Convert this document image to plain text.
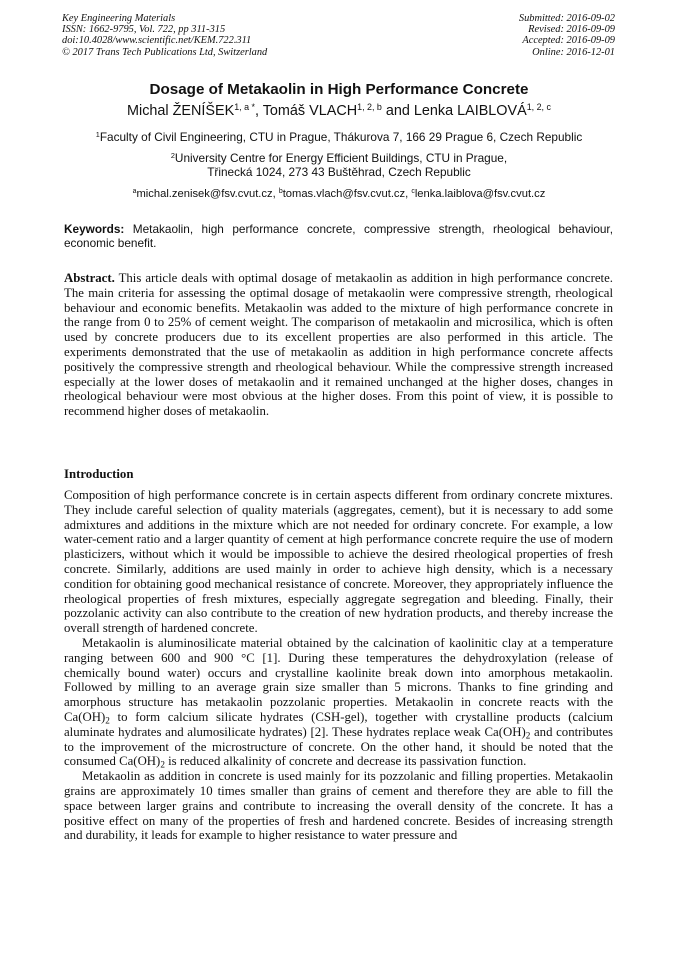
Key Engineering Materials
ISSN: 1662-9795, Vol. 722, pp 311-315
doi:10.4028/www.scientific.net/KEM.722.311
© 2017 Trans Tech Publications Ltd, Switzerland
Submitted: 2016-09-02
Revised: 2016-09-09
Accepted: 2016-09-09
Online: 2016-12-01
Dosage of Metakaolin in High Performance Concrete
Michal $ŽENÍŠEK^{1, a *}$, Tomáš VLACH$^{1, 2, b}$ and Lenka LAIBLOVÁ$^{1, 2, c}$
$^1$Faculty of Civil Engineering, CTU in Prague, Thákurova 7, 166 29 Prague 6, Czech Republic
$^2$University Centre for Energy Efficient Buildings, CTU in Prague,
Třinecká 1024, 273 43 Buštěhrad, Czech Republic
$^a$michal.zenisek@fsv.cvut.cz, $^b$tomas.vlach@fsv.cvut.cz, $^c$lenka.laiblova@fsv.cvut.cz
Keywords: Metakaolin, high performance concrete, compressive strength, rheological behaviour, economic benefit.
Abstract. This article deals with optimal dosage of metakaolin as addition in high performance concrete. The main criteria for assessing the optimal dosage of metakaolin were compressive strength, rheological behaviour and economic benefits. Metakaolin was added to the mixture of high performance concrete in the range from 0 to 25% of cement weight. The comparison of metakaolin and microsilica, which is often used by concrete producers due to its excellent properties are also performed in this article. The experiments demonstrated that the use of metakaolin as addition in high performance concrete affects positively the compressive strength and rheological behaviour. While the compressive strength increased especially at the lower doses of metakaolin and it remained unchanged at the higher doses, changes in rheological behaviour were most obvious at the higher doses. From this point of view, it is possible to recommend higher doses of metakaolin.
Introduction

Composition of high performance concrete is in certain aspects different from ordinary concrete mixtures. They include careful selection of quality materials (aggregates, cement), but it is necessary to add some admixtures and additions in the mixture which are not needed for ordinary concrete. For example, a low water-cement ratio and a larger quantity of cement at high performance concrete require the use of modern plasticizers, without which it would be impossible to achieve the desired rheological properties of fresh concrete. Similarly, additions are used mainly in order to achieve high density, which is a necessary condition for obtaining good mechanical resistance of concrete. Moreover, they appropriately influence the rheological properties of fresh mixtures, especially aggregate segregation and bleeding. Finally, their pozzolanic activity can also contribute to the creation of new hydration products, and thereby increase the overall strength of hardened concrete.

Metakaolin is aluminosilicate material obtained by the calcination of kaolinitic clay at a temperature ranging between 600 and 900 °C [1]. During these temperatures the dehydroxylation (release of chemically bound water) occurs and crystalline kaolinite break down into amorphous metakaolin. Followed by milling to an average grain size smaller than 5 microns. Thanks to fine grinding and amorphous structure has metakaolin pozzolanic properties. Metakaolin in concrete reacts with the $Ca(OH)_2$ to form calcium silicate hydrates (CSH-gel), together with crystalline products (calcium aluminate hydrates and alumosilicate hydrates) [2]. These hydrates replace weak $Ca(OH)_2$ and contributes to the improvement of the microstructure of concrete. On the other hand, it should be noted that the consumed $Ca(OH)_2$ is reduced alkalinity of concrete and decrease its passivation function.

Metakaolin as addition in concrete is used mainly for its pozzolanic and filling properties. Metakaolin grains are approximately 10 times smaller than grains of cement and therefore they are able to fill the space between larger grains and contribute to increasing the overall density of the concrete. It has a positive effect on many of the properties of fresh and hardened concrete. Besides of increasing strength and durability, it leads for example to higher resistance to water pressure and
